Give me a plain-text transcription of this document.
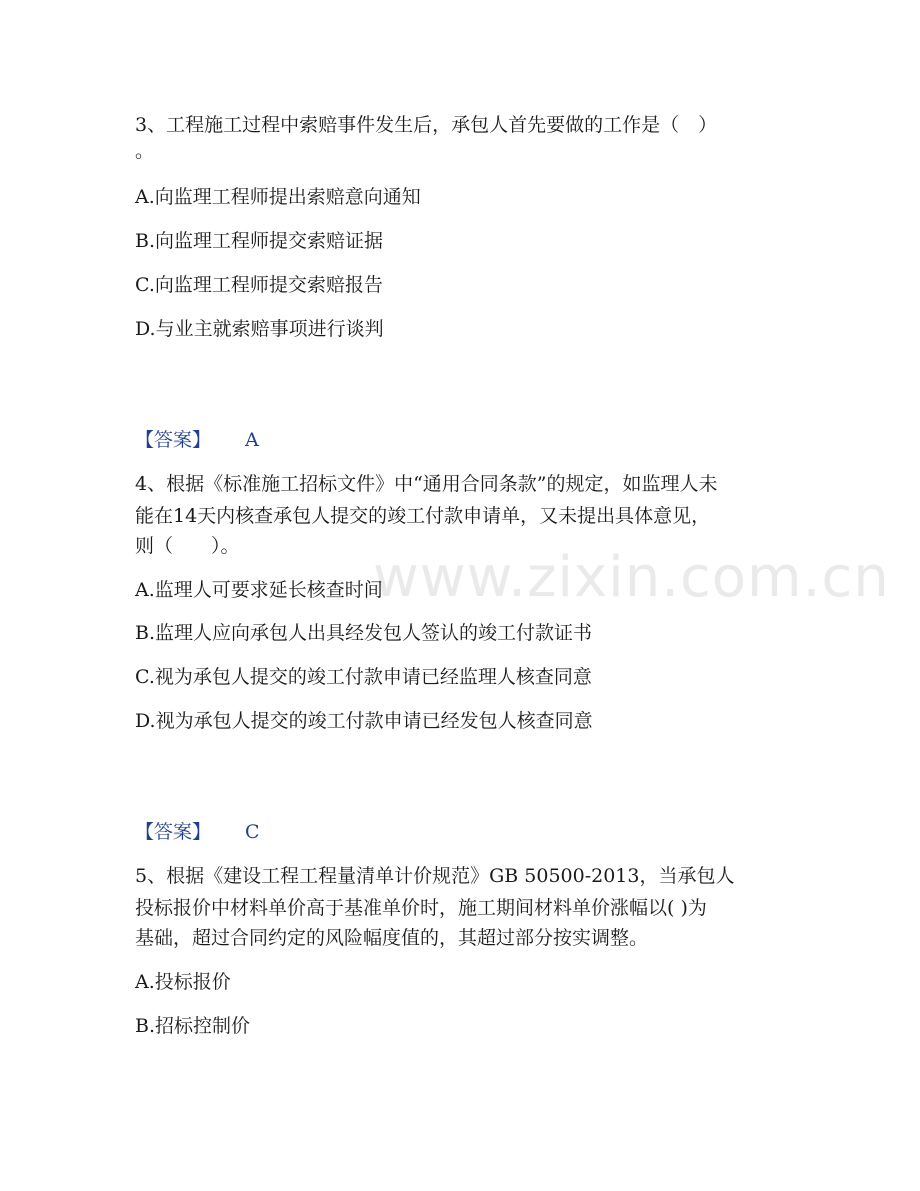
www.zixin.com.cn
3、工程施工过程中索赔事件发生后，承包人首先要做的工作是（　）
。
A.向监理工程师提出索赔意向通知
B.向监理工程师提交索赔证据
C.向监理工程师提交索赔报告
D.与业主就索赔事项进行谈判
【答案】 A
4、根据《标准施工招标文件》中“通用合同条款”的规定，如监理人未
能在14天内核查承包人提交的竣工付款申请单，又未提出具体意见，
则（　　）。
A.监理人可要求延长核查时间
B.监理人应向承包人出具经发包人签认的竣工付款证书
C.视为承包人提交的竣工付款申请已经监理人核查同意
D.视为承包人提交的竣工付款申请已经发包人核查同意
【答案】 C
5、根据《建设工程工程量清单计价规范》GB 50500-2013，当承包人
投标报价中材料单价高于基准单价时，施工期间材料单价涨幅以( )为
基础，超过合同约定的风险幅度值的，其超过部分按实调整。
A.投标报价
B.招标控制价
